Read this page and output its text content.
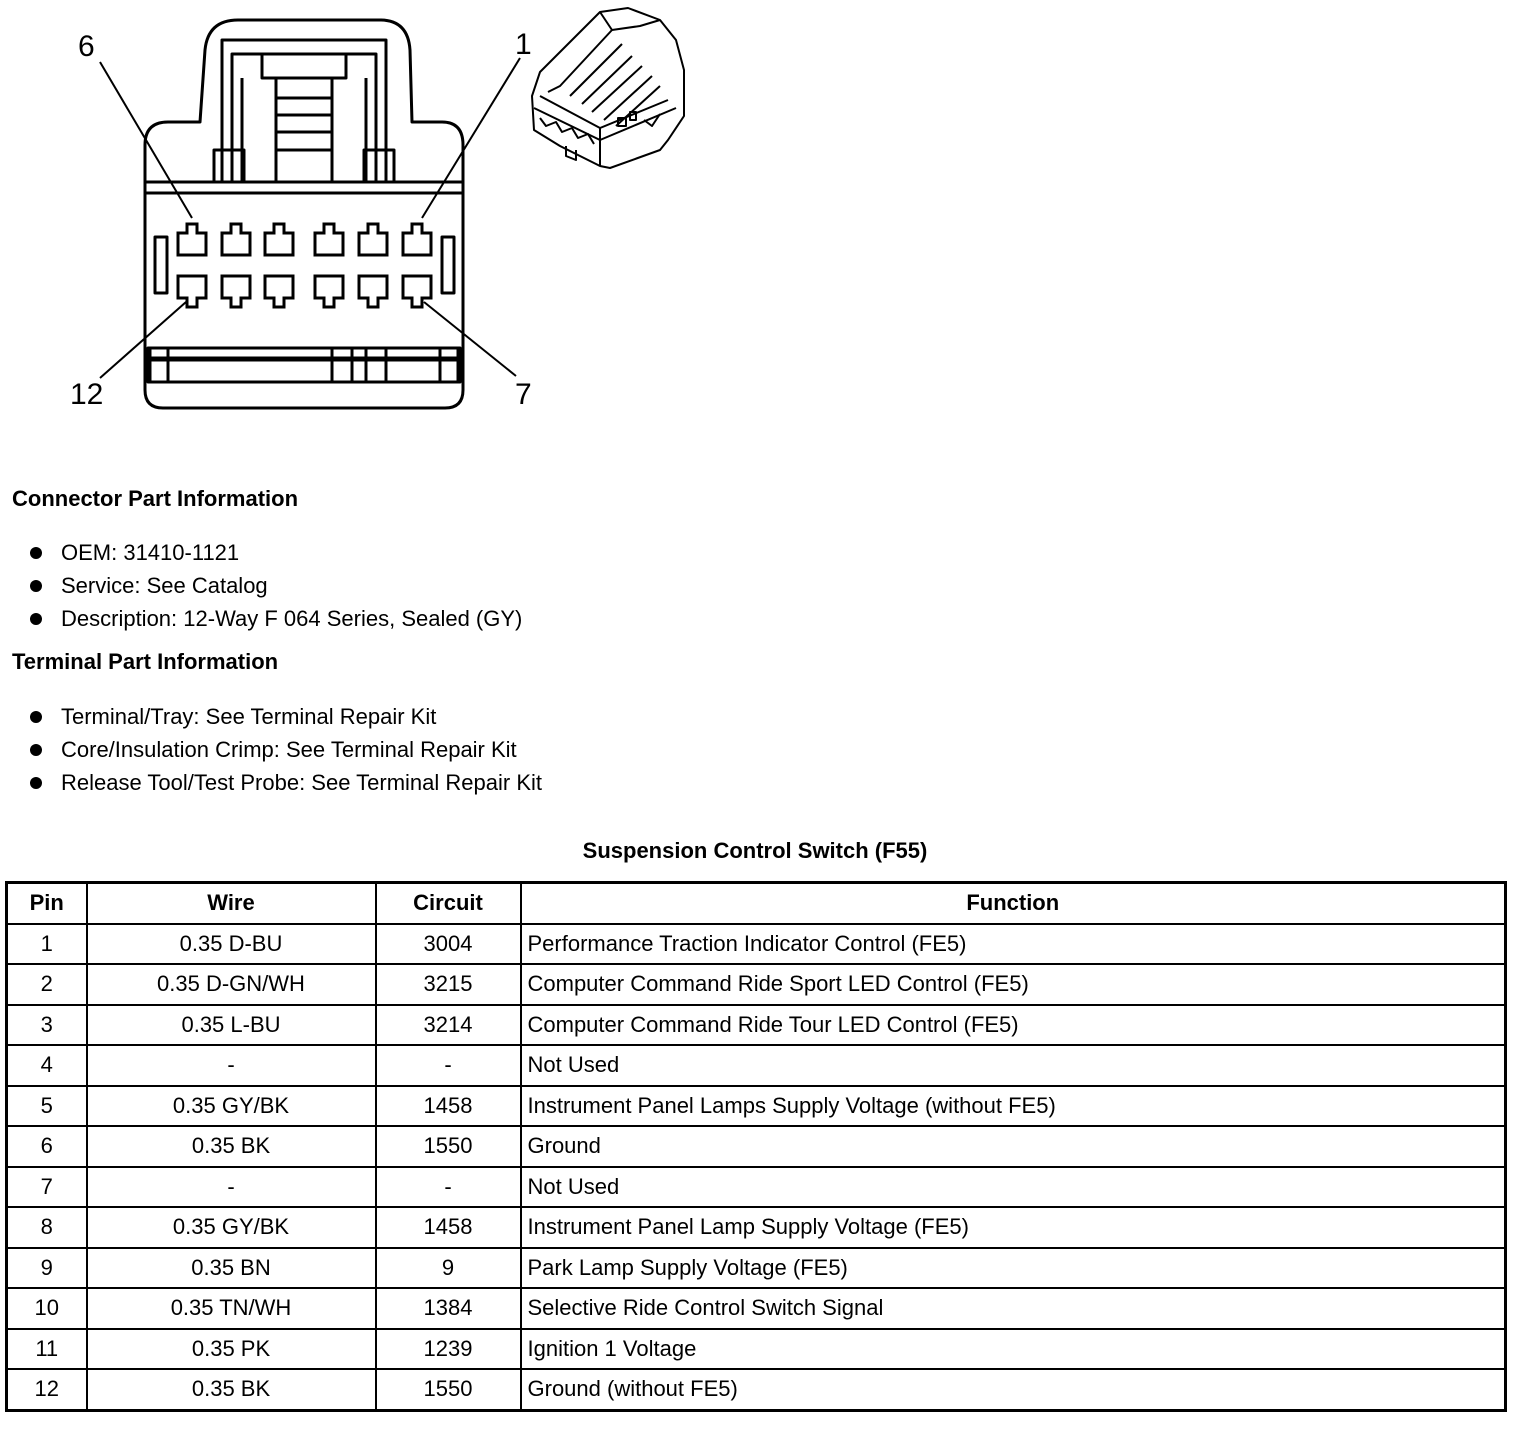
6	1
12	7
Connector Part Information
OEM: 31410-1121
Service: See Catalog
Description: 12-Way F 064 Series, Sealed (GY)
Terminal Part Information
Terminal/Tray: See Terminal Repair Kit
Core/Insulation Crimp: See Terminal Repair Kit
Release Tool/Test Probe: See Terminal Repair Kit
Suspension Control Switch (F55)
Pin	Wire	Circuit	Function
1	0.35 D-BU	3004	Performance Traction Indicator Control (FE5)
2	0.35 D-GN/WH	3215	Computer Command Ride Sport LED Control (FE5)
3	0.35 L-BU	3214	Computer Command Ride Tour LED Control (FE5)
4	-	-	Not Used
5	0.35 GY/BK	1458	Instrument Panel Lamps Supply Voltage (without FE5)
6	0.35 BK	1550	Ground
7	-	-	Not Used
8	0.35 GY/BK	1458	Instrument Panel Lamp Supply Voltage (FE5)
9	0.35 BN	9	Park Lamp Supply Voltage (FE5)
10	0.35 TN/WH	1384	Selective Ride Control Switch Signal
11	0.35 PK	1239	Ignition 1 Voltage
12	0.35 BK	1550	Ground (without FE5)
